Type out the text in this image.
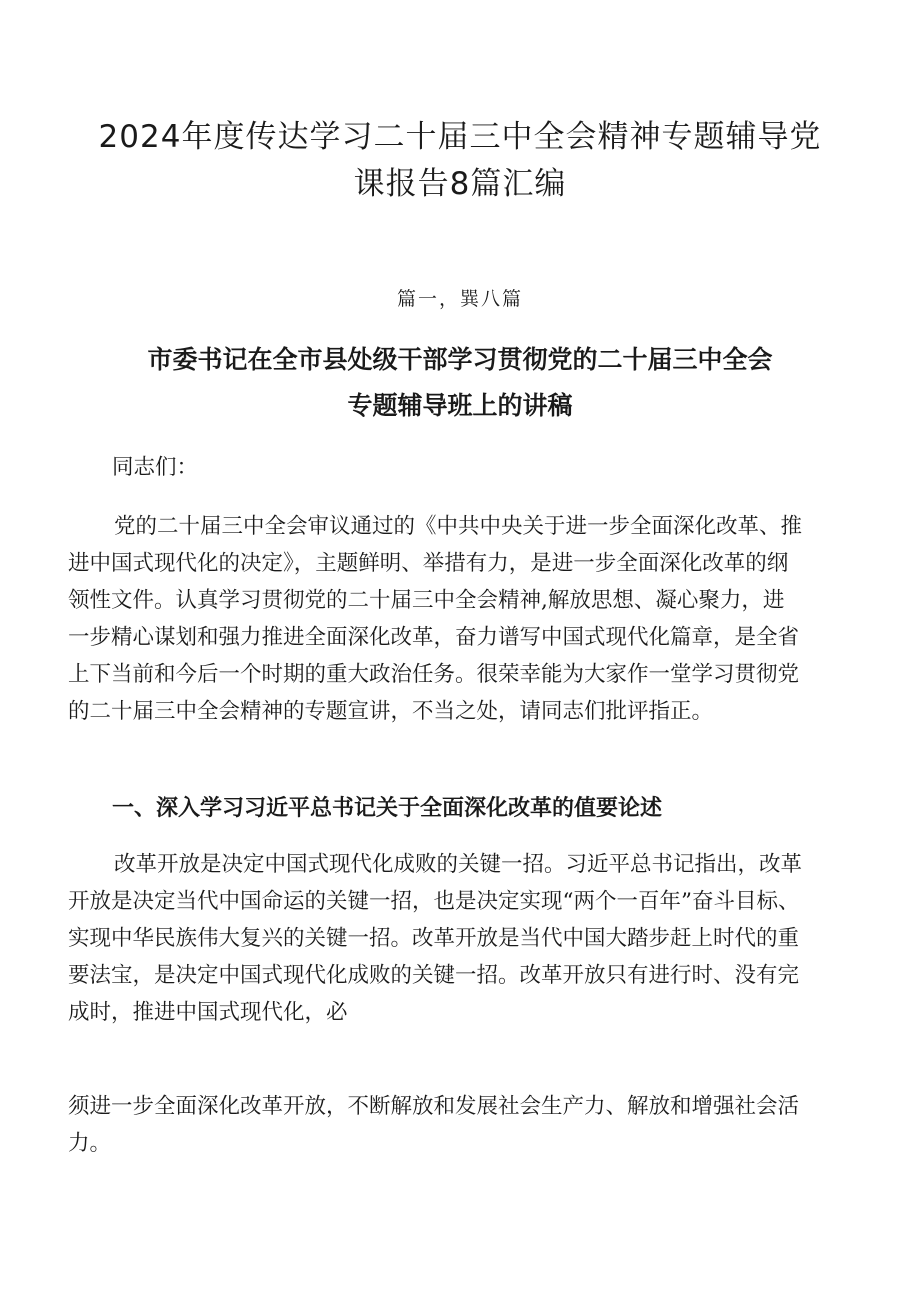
2024年度传达学习二十届三中全会精神专题辅导党
课报告8篇汇编
篇一，巽八篇
市委书记在全市县处级干部学习贯彻党的二十届三中全会
专题辅导班上的讲稿
同志们：
党的二十届三中全会审议通过的《中共中央关于进一步全面深化改革、推
进中国式现代化的决定》，主题鲜明、举措有力，是进一步全面深化改革的纲
领性文件。认真学习贯彻党的二十届三中全会精神,解放思想、凝心聚力，进
一步精心谋划和强力推进全面深化改革，奋力谱写中国式现代化篇章，是全省
上下当前和今后一个时期的重大政治任务。很荣幸能为大家作一堂学习贯彻党
的二十届三中全会精神的专题宣讲，不当之处，请同志们批评指正。
一、深入学习习近平总书记关于全面深化改革的值要论述
改革开放是决定中国式现代化成败的关键一招。习近平总书记指出，改革
开放是决定当代中国命运的关键一招，也是决定实现“两个一百年”奋斗目标、
实现中华民族伟大复兴的关键一招。改革开放是当代中国大踏步赶上时代的重
要法宝，是决定中国式现代化成败的关键一招。改革开放只有进行时、没有完
成时，推进中国式现代化，必
须进一步全面深化改革开放，不断解放和发展社会生产力、解放和增强社会活
力。
